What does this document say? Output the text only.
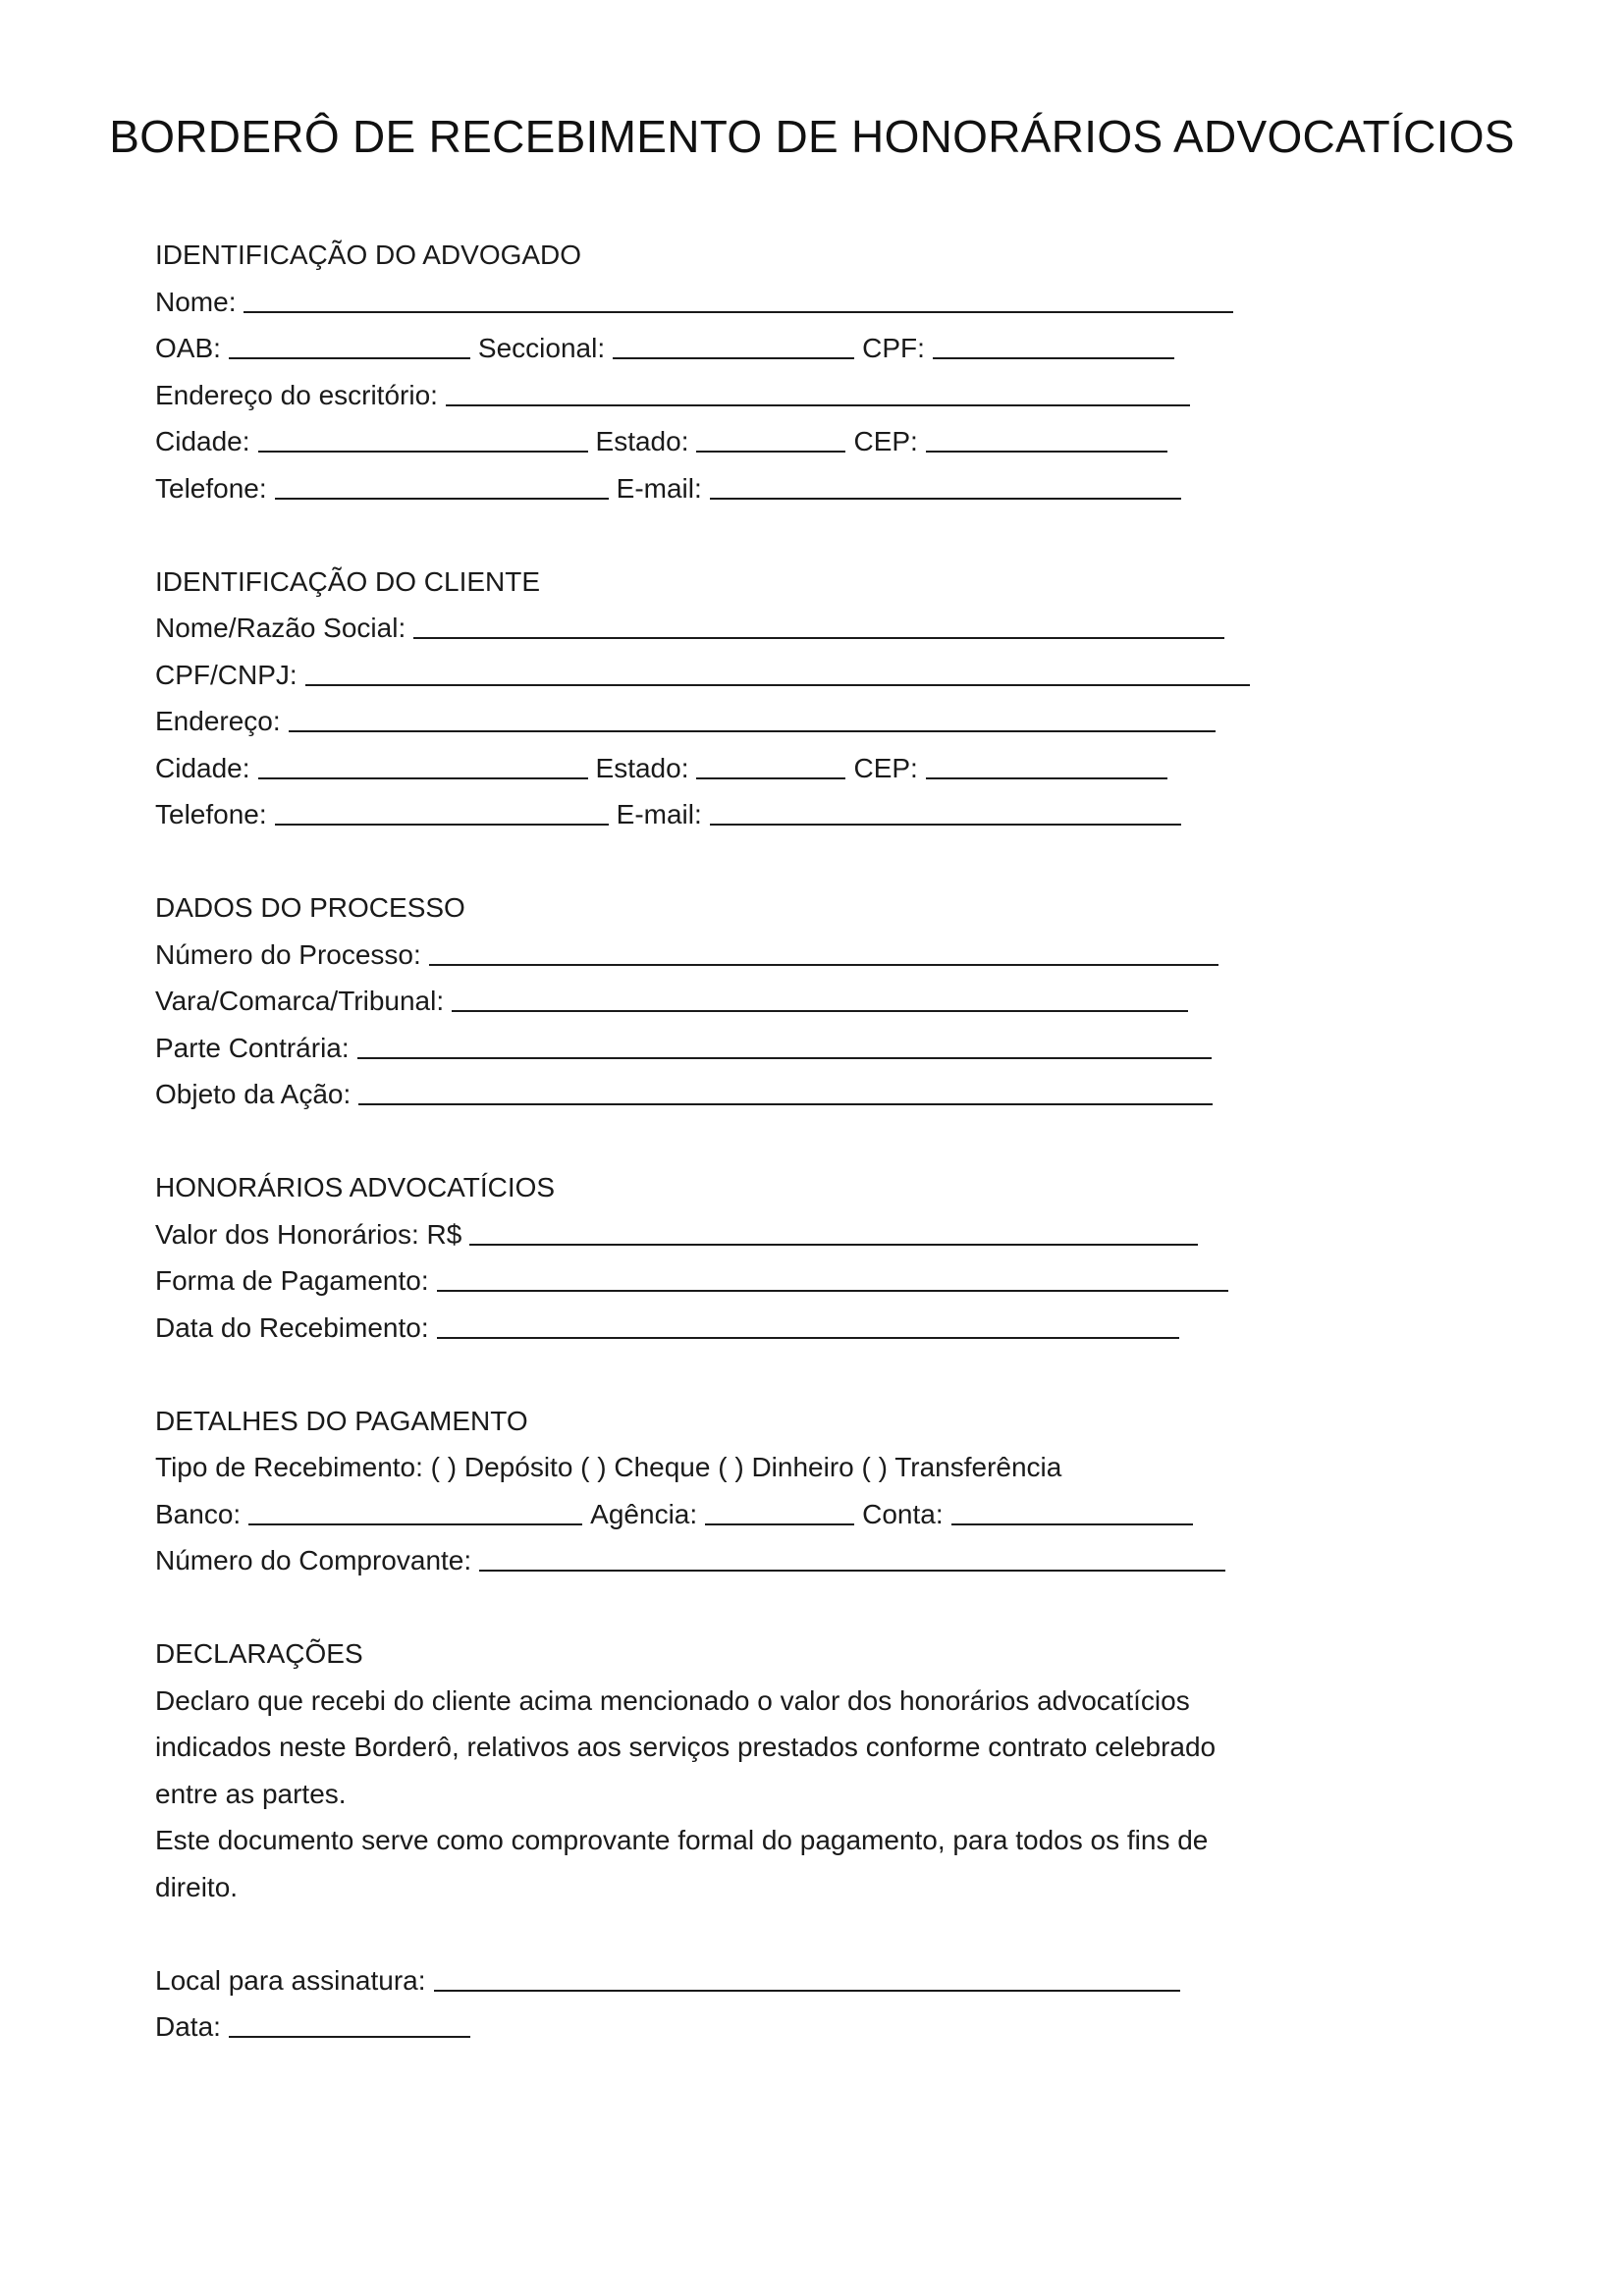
BORDERÔ DE RECEBIMENTO DE HONORÁRIOS ADVOCATÍCIOS
IDENTIFICAÇÃO DO ADVOGADO
Nome:
OAB:	Seccional:	CPF:
Endereço do escritório:
Cidade:	Estado:	CEP:
Telefone:	E-mail:
IDENTIFICAÇÃO DO CLIENTE
Nome/Razão Social:
CPF/CNPJ:
Endereço:
Cidade:	Estado:	CEP:
Telefone:	E-mail:
DADOS DO PROCESSO
Número do Processo:
Vara/Comarca/Tribunal:
Parte Contrária:
Objeto da Ação:
HONORÁRIOS ADVOCATÍCIOS
Valor dos Honorários: R$
Forma de Pagamento:
Data do Recebimento:
DETALHES DO PAGAMENTO
Tipo de Recebimento: ( ) Depósito ( ) Cheque ( ) Dinheiro ( ) Transferência
Banco:	Agência:	Conta:
Número do Comprovante:
DECLARAÇÕES
Declaro que recebi do cliente acima mencionado o valor dos honorários advocatícios
indicados neste Borderô, relativos aos serviços prestados conforme contrato celebrado
entre as partes.
Este documento serve como comprovante formal do pagamento, para todos os fins de
direito.
Local para assinatura:
Data:
